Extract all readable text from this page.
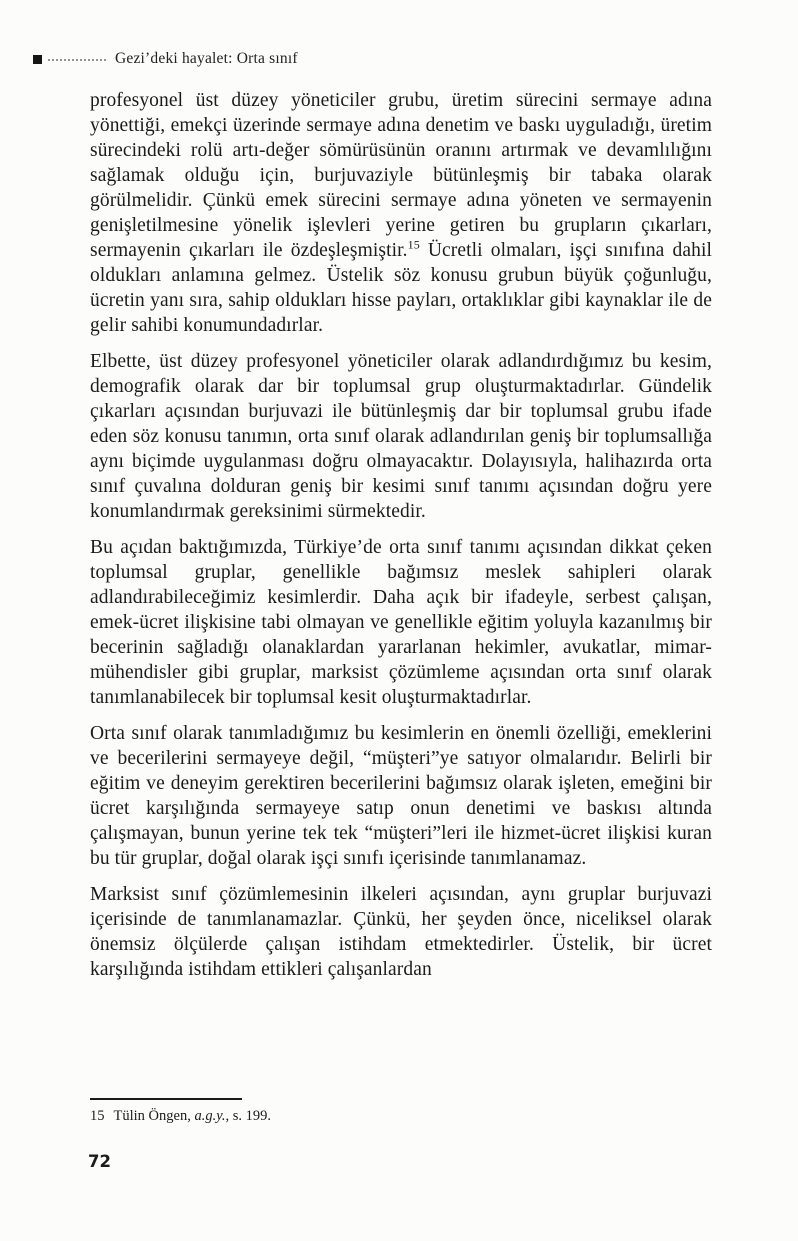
Gezi’deki hayalet: Orta sınıf

profesyonel üst düzey yöneticiler grubu, üretim sürecini sermaye adına yönettiği, emekçi üzerinde sermaye adına denetim ve baskı uyguladığı, üretim sürecindeki rolü artı-değer sömürüsünün oranını artırmak ve devamlılığını sağlamak olduğu için, burjuvaziyle bütünleşmiş bir tabaka olarak görülmelidir. Çünkü emek sürecini sermaye adına yöneten ve sermayenin genişletilmesine yönelik işlevleri yerine getiren bu grupların çıkarları, sermayenin çıkarları ile özdeşleşmiştir.$^{15}$ Ücretli olmaları, işçi sınıfına dahil oldukları anlamına gelmez. Üstelik söz konusu grubun büyük çoğunluğu, ücretin yanı sıra, sahip oldukları hisse payları, ortaklıklar gibi kaynaklar ile de gelir sahibi konumundadırlar.

Elbette, üst düzey profesyonel yöneticiler olarak adlandırdığımız bu kesim, demografik olarak dar bir toplumsal grup oluşturmaktadırlar. Gündelik çıkarları açısından burjuvazi ile bütünleşmiş dar bir toplumsal grubu ifade eden söz konusu tanımın, orta sınıf olarak adlandırılan geniş bir toplumsallığa aynı biçimde uygulanması doğru olmayacaktır. Dolayısıyla, halihazırda orta sınıf çuvalına dolduran geniş bir kesimi sınıf tanımı açısından doğru yere konumlandırmak gereksinimi sürmektedir.

Bu açıdan baktığımızda, Türkiye’de orta sınıf tanımı açısından dikkat çeken toplumsal gruplar, genellikle bağımsız meslek sahipleri olarak adlandırabileceğimiz kesimlerdir. Daha açık bir ifadeyle, serbest çalışan, emek-ücret ilişkisine tabi olmayan ve genellikle eğitim yoluyla kazanılmış bir becerinin sağladığı olanaklardan yararlanan hekimler, avukatlar, mimar-mühendisler gibi gruplar, marksist çözümleme açısından orta sınıf olarak tanımlanabilecek bir toplumsal kesit oluşturmaktadırlar.

Orta sınıf olarak tanımladığımız bu kesimlerin en önemli özelliği, emeklerini ve becerilerini sermayeye değil, “müşteri”ye satıyor olmalarıdır. Belirli bir eğitim ve deneyim gerektiren becerilerini bağımsız olarak işleten, emeğini bir ücret karşılığında sermayeye satıp onun denetimi ve baskısı altında çalışmayan, bunun yerine tek tek “müşteri”leri ile hizmet-ücret ilişkisi kuran bu tür gruplar, doğal olarak işçi sınıfı içerisinde tanımlanamaz.

Marksist sınıf çözümlemesinin ilkeleri açısından, aynı gruplar burjuvazi içerisinde de tanımlanamazlar. Çünkü, her şeyden önce, niceliksel olarak önemsiz ölçülerde çalışan istihdam etmektedirler. Üstelik, bir ücret karşılığında istihdam ettikleri çalışanlardan

15 Tülin Öngen, a.g.y., s. 199.

72
